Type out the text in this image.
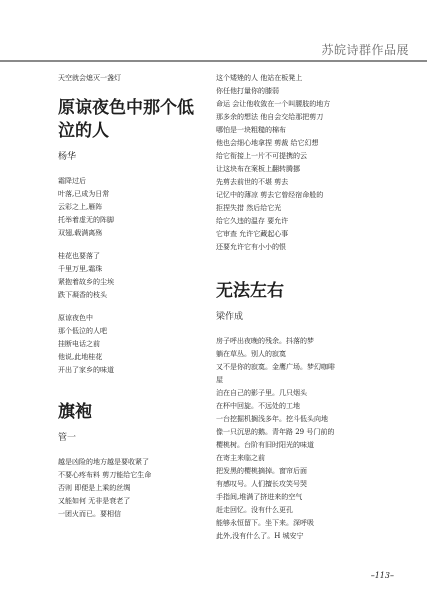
苏皖诗群作品展
天空就会熄灭一盏灯
原谅夜色中那个低
泣的人
杨华
霜降过后
叶落,已成为日常
云彩之上,雁阵
托举着虚无的阵脚
双翅,载满离殇
桂花也要落了
千里万里,霜珠
紧抱着故乡的尘埃
跌下凝香的枝头
原谅夜色中
那个低泣的人吧
挂断电话之前
他说,此地桂花
开出了家乡的味道
旗袍
管一
越是凶险的地方越是要收紧了
不要心疼布料 剪刀能给它生命
否则 即便是上乘的丝绸
又能如何 无非是衰老了
一团火而已。要相信
这个矮矬的人 他站在板凳上
你任他打量你的膝弱
命运 会让他收敛在一个叫腰肢的地方
那多余的想法 他自会交给那把剪刀
哪怕是一块粗糙的棉布
他也会细心地拿捏 剪裁 给它幻想
给它衔接上一片不可提携的云
让这块布在案板上翻转腾挪
先剪去前世的不堪 剪去
记忆中的薄凉 剪去它曾经宿命般的
拒捏失措 然后给它光
给它久违的温存 要允许
它审查 允许它藏起心事
还要允许它有小小的恨
无法左右
梁作成
房子呼出夜晚的残余。抖落的梦
躺在草丛。别人的寂寞
又不是你的寂寞。金鹰广场。梦幻咖啡
屋
泊在自己的影子里。几只烟头
在杯中回旋。不远处的工地
一台挖掘机搁浅多年。挖斗低头向地
像一只沉思的鹅。青年路 29 号门前的
樱桃树。台阶有旧时阳光的味道
在寄主来临之前
把发黑的樱桃摘掉。窗帘后面
有感叹号。人们擅长攻笑号哭
手指间,堆满了挤进来的空气
赶走回忆。没有什么更孔
能够永恒留下。坐下来。深呼吸
此外,没有什么了。H 城安宁
–113–
